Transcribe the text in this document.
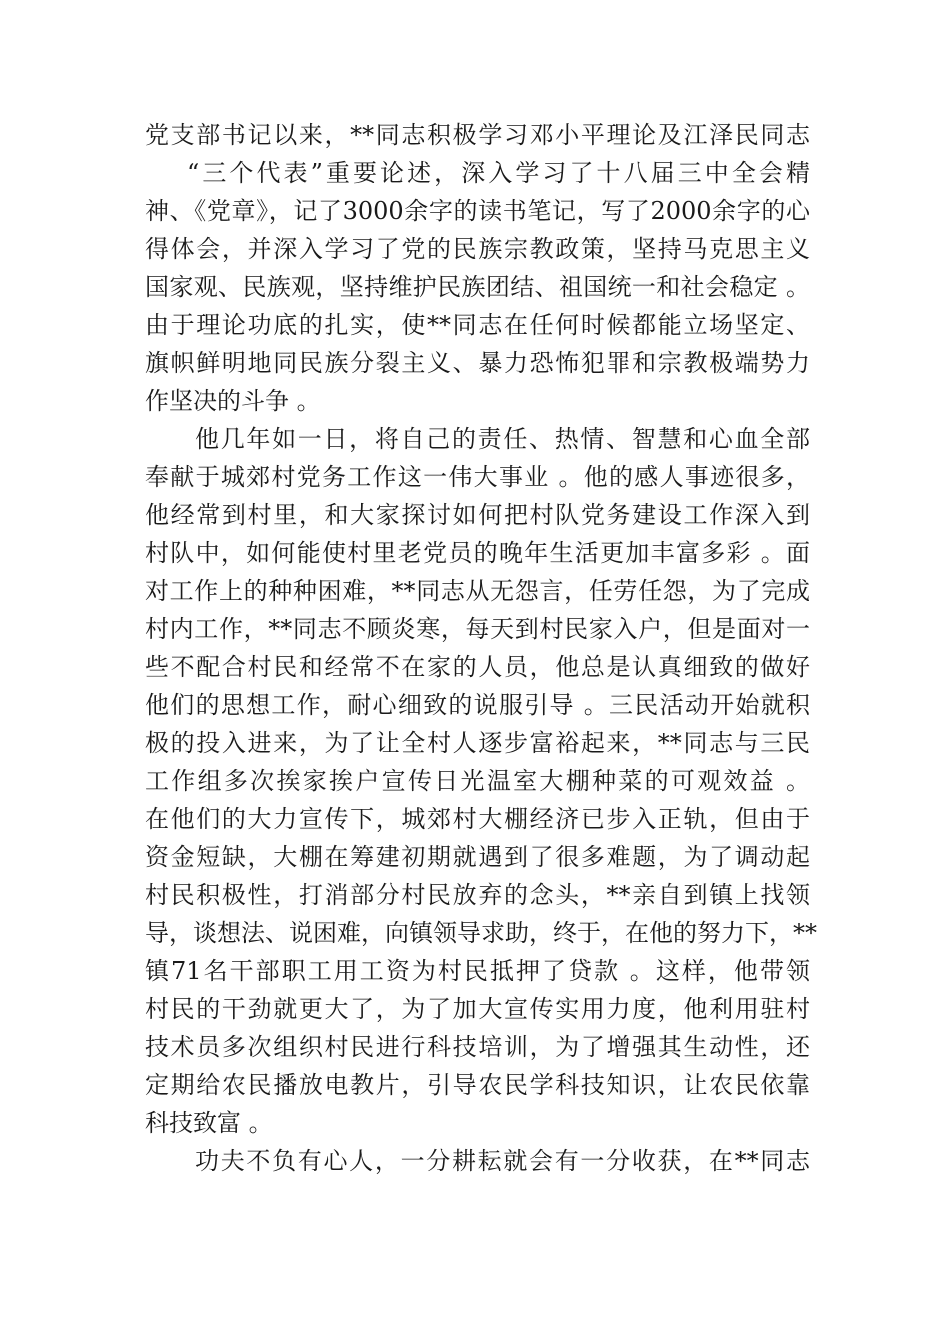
党支部书记以来，**同志积极学习邓小平理论及江泽民同志
“三个代表”重要论述，深入学习了十八届三中全会精
神、《党章》，记了3000余字的读书笔记，写了2000余字的心
得体会，并深入学习了党的民族宗教政策，坚持马克思主义
国家观、民族观，坚持维护民族团结、祖国统一和社会稳定 。
由于理论功底的扎实，使**同志在任何时候都能立场坚定、
旗帜鲜明地同民族分裂主义、暴力恐怖犯罪和宗教极端势力
作坚决的斗争 。
他几年如一日，将自己的责任、热情、智慧和心血全部
奉献于城郊村党务工作这一伟大事业 。他的感人事迹很多，
他经常到村里，和大家探讨如何把村队党务建设工作深入到
村队中，如何能使村里老党员的晚年生活更加丰富多彩 。面
对工作上的种种困难，**同志从无怨言，任劳任怨，为了完成
村内工作，**同志不顾炎寒，每天到村民家入户，但是面对一
些不配合村民和经常不在家的人员，他总是认真细致的做好
他们的思想工作，耐心细致的说服引导 。三民活动开始就积
极的投入进来，为了让全村人逐步富裕起来，**同志与三民
工作组多次挨家挨户宣传日光温室大棚种菜的可观效益 。
在他们的大力宣传下，城郊村大棚经济已步入正轨，但由于
资金短缺，大棚在筹建初期就遇到了很多难题，为了调动起
村民积极性，打消部分村民放弃的念头，**亲自到镇上找领
导，谈想法、说困难，向镇领导求助，终于，在他的努力下，**
镇71名干部职工用工资为村民抵押了贷款 。这样，他带领
村民的干劲就更大了，为了加大宣传实用力度，他利用驻村
技术员多次组织村民进行科技培训，为了增强其生动性，还
定期给农民播放电教片，引导农民学科技知识，让农民依靠
科技致富 。
功夫不负有心人，一分耕耘就会有一分收获，在**同志
